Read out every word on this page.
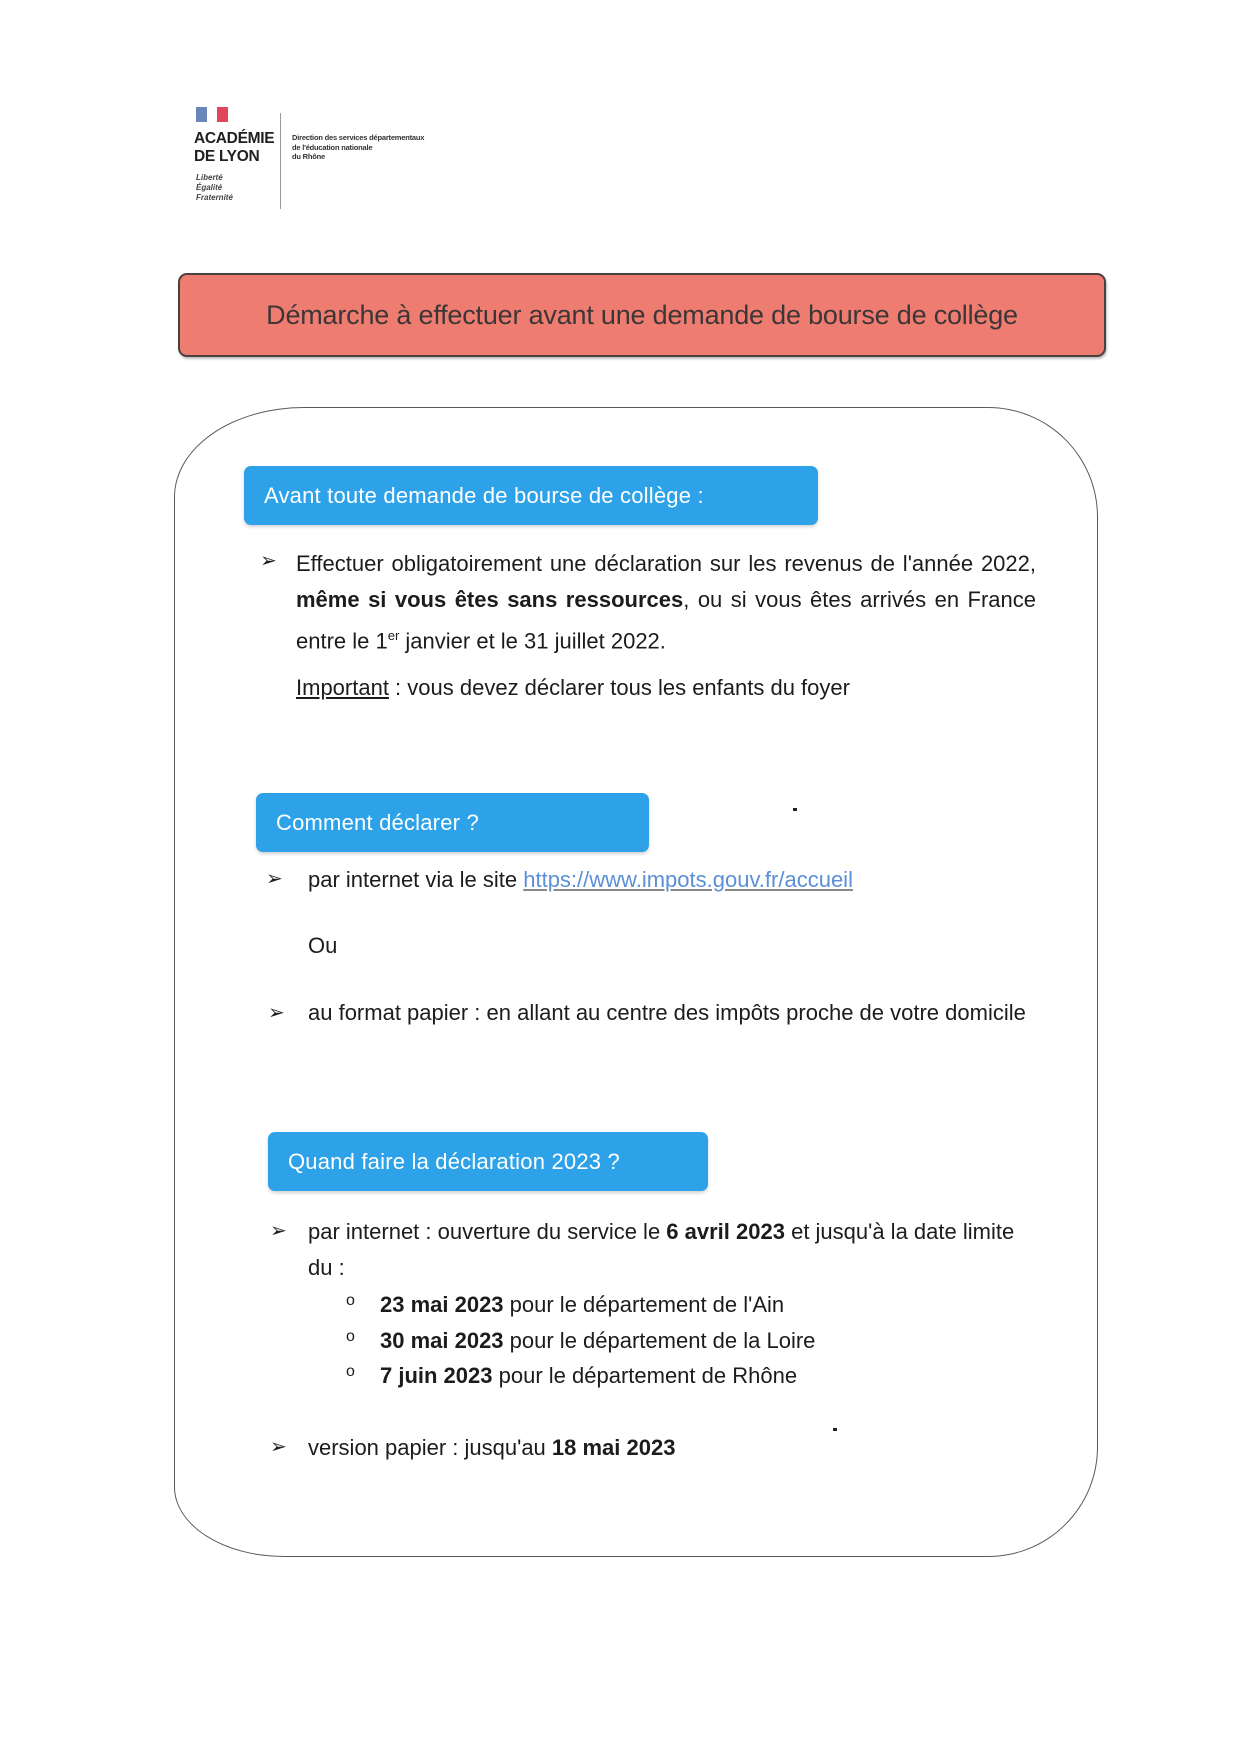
ACADÉMIE
DE LYON
Liberté
Égalité
Fraternité
Direction des services départementaux
de l'éducation nationale
du Rhône
Démarche à effectuer avant une demande de bourse de collège
Avant toute demande de bourse de collège :
➢ Effectuer obligatoirement une déclaration sur les revenus de l'année 2022, même si vous êtes sans ressources, ou si vous êtes arrivés en France entre le 1er janvier et le 31 juillet 2022.
Important : vous devez déclarer tous les enfants du foyer
Comment déclarer ?
➢ par internet via le site https://www.impots.gouv.fr/accueil
Ou
➢ au format papier : en allant au centre des impôts proche de votre domicile
Quand faire la déclaration 2023 ?
➢ par internet : ouverture du service le 6 avril 2023 et jusqu'à la date limite du :
o 23 mai 2023 pour le département de l'Ain
o 30 mai 2023 pour le département de la Loire
o 7 juin 2023 pour le département de Rhône
➢ version papier : jusqu'au 18 mai 2023
